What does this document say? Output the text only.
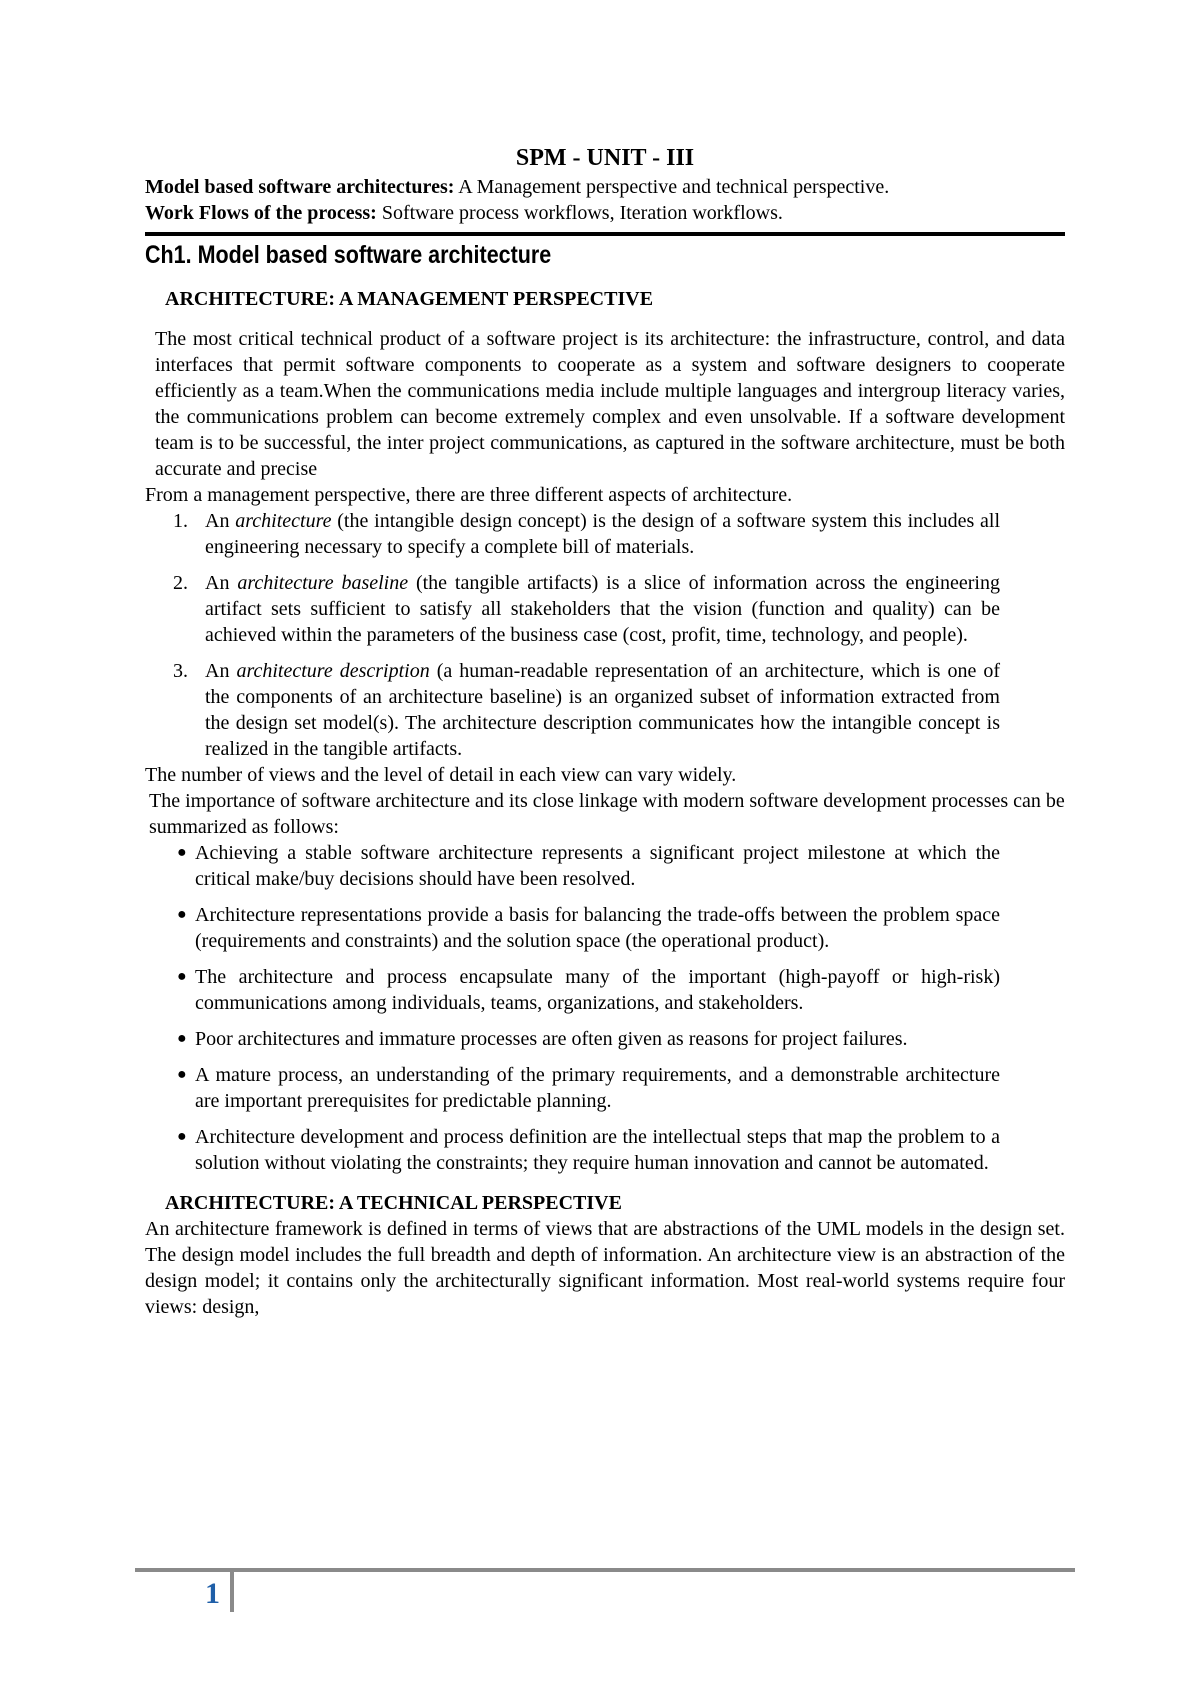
SPM - UNIT - III
Model based software architectures: A Management perspective and technical perspective.
Work Flows of the process: Software process workflows, Iteration workflows.
Ch1. Model based software architecture
ARCHITECTURE: A MANAGEMENT PERSPECTIVE
The most critical technical product of a software project is its architecture: the infrastructure, control, and data interfaces that permit software components to cooperate as a system and software designers to cooperate efficiently as a team.When the communications media include multiple languages and intergroup literacy varies, the communications problem can become extremely complex and even unsolvable. If a software development team is to be successful, the inter project communications, as captured in the software architecture, must be both accurate and precise
From a management perspective, there are three different aspects of architecture.
1. An architecture (the intangible design concept) is the design of a software system this includes all engineering necessary to specify a complete bill of materials.
2. An architecture baseline (the tangible artifacts) is a slice of information across the engineering artifact sets sufficient to satisfy all stakeholders that the vision (function and quality) can be achieved within the parameters of the business case (cost, profit, time, technology, and people).
3. An architecture description (a human-readable representation of an architecture, which is one of the components of an architecture baseline) is an organized subset of information extracted from the design set model(s). The architecture description communicates how the intangible concept is realized in the tangible artifacts.
The number of views and the level of detail in each view can vary widely.
The importance of software architecture and its close linkage with modern software development processes can be summarized as follows:
● Achieving a stable software architecture represents a significant project milestone at which the critical make/buy decisions should have been resolved.
● Architecture representations provide a basis for balancing the trade-offs between the problem space (requirements and constraints) and the solution space (the operational product).
● The architecture and process encapsulate many of the important (high-payoff or high-risk) communications among individuals, teams, organizations, and stakeholders.
● Poor architectures and immature processes are often given as reasons for project failures.
● A mature process, an understanding of the primary requirements, and a demonstrable architecture are important prerequisites for predictable planning.
● Architecture development and process definition are the intellectual steps that map the problem to a solution without violating the constraints; they require human innovation and cannot be automated.
ARCHITECTURE: A TECHNICAL PERSPECTIVE
An architecture framework is defined in terms of views that are abstractions of the UML models in the design set. The design model includes the full breadth and depth of information. An architecture view is an abstraction of the design model; it contains only the architecturally significant information. Most real-world systems require four views: design,
1
